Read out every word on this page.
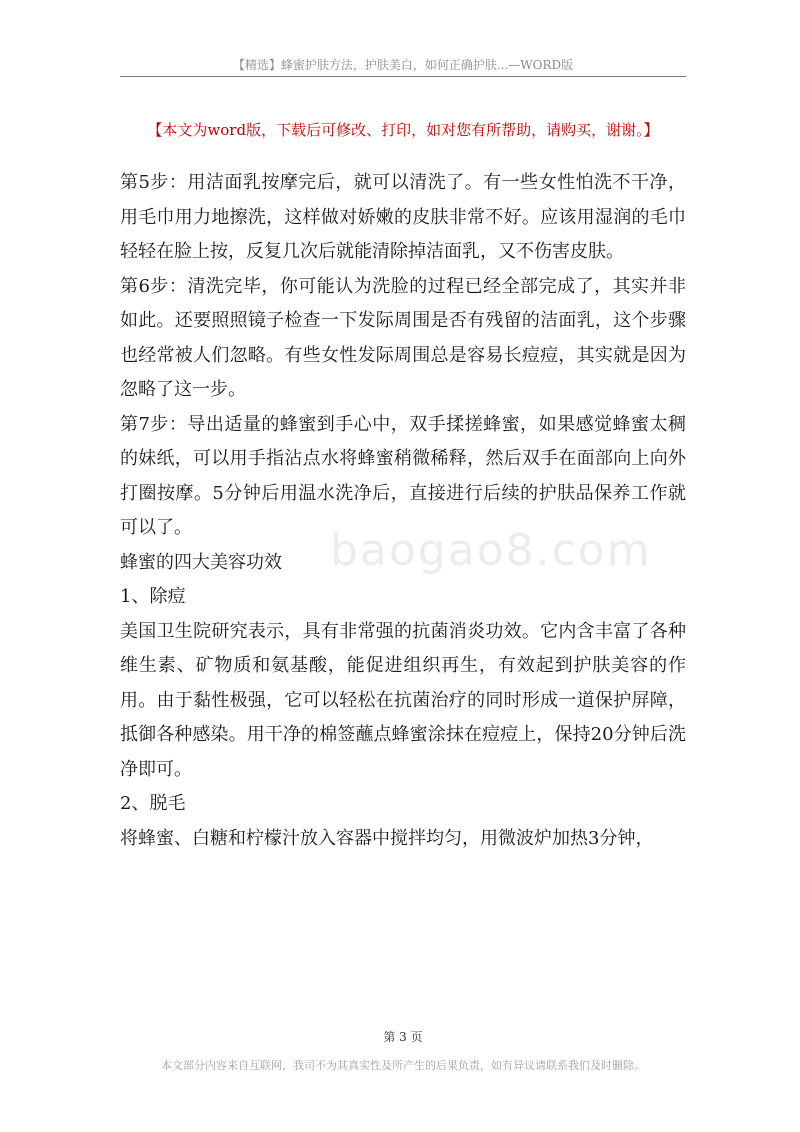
【精选】蜂蜜护肤方法，护肤美白，如何正确护肤...—WORD版
【本文为word版，下载后可修改、打印，如对您有所帮助，请购买，谢谢。】
baogao8.com

第5步：用洁面乳按摩完后，就可以清洗了。有一些女性怕洗不干净，用毛巾用力地擦洗，这样做对娇嫩的皮肤非常不好。应该用湿润的毛巾轻轻在脸上按，反复几次后就能清除掉洁面乳，又不伤害皮肤。

第6步：清洗完毕，你可能认为洗脸的过程已经全部完成了，其实并非如此。还要照照镜子检查一下发际周围是否有残留的洁面乳，这个步骤也经常被人们忽略。有些女性发际周围总是容易长痘痘，其实就是因为忽略了这一步。

第7步：导出适量的蜂蜜到手心中，双手揉搓蜂蜜，如果感觉蜂蜜太稠的妹纸，可以用手指沾点水将蜂蜜稍微稀释，然后双手在面部向上向外打圈按摩。5分钟后用温水洗净后，直接进行后续的护肤品保养工作就可以了。

蜂蜜的四大美容功效

1、除痘

美国卫生院研究表示，具有非常强的抗菌消炎功效。它内含丰富了各种维生素、矿物质和氨基酸，能促进组织再生，有效起到护肤美容的作用。由于黏性极强，它可以轻松在抗菌治疗的同时形成一道保护屏障，抵御各种感染。用干净的棉签蘸点蜂蜜涂抹在痘痘上，保持20分钟后洗净即可。

2、脱毛

将蜂蜜、白糖和柠檬汁放入容器中搅拌均匀，用微波炉加热3分钟，

第 3 页
本文部分内容来自互联网，我司不为其真实性及所产生的后果负责，如有异议请联系我们及时删除。
